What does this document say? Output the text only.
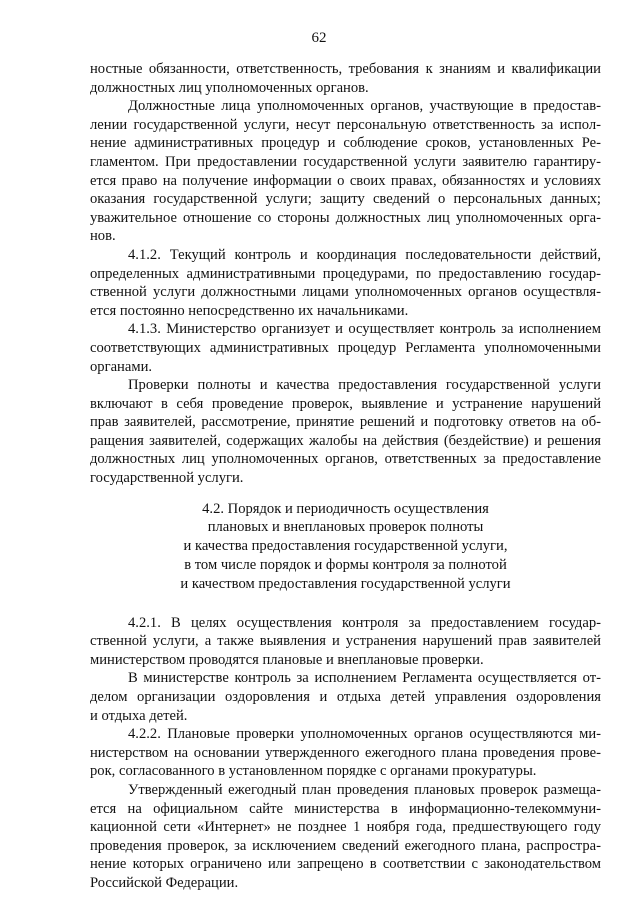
62
ностные обязанности, ответственность, требования к знаниям и квалификации
должностных лиц уполномоченных органов.
Должностные лица уполномоченных органов, участвующие в предостав-
лении государственной услуги, несут персональную ответственность за испол-
нение административных процедур и соблюдение сроков, установленных Ре-
гламентом. При предоставлении государственной услуги заявителю гарантиру-
ется право на получение информации о своих правах, обязанностях и условиях
оказания государственной услуги; защиту сведений о персональных данных;
уважительное отношение со стороны должностных лиц уполномоченных орга-
нов.
4.1.2. Текущий контроль и координация последовательности действий,
определенных административными процедурами, по предоставлению государ-
ственной услуги должностными лицами уполномоченных органов осуществля-
ется постоянно непосредственно их начальниками.
4.1.3. Министерство организует и осуществляет контроль за исполнением
соответствующих административных процедур Регламента уполномоченными
органами.
Проверки полноты и качества предоставления государственной услуги
включают в себя проведение проверок, выявление и устранение нарушений
прав заявителей, рассмотрение, принятие решений и подготовку ответов на об-
ращения заявителей, содержащих жалобы на действия (бездействие) и решения
должностных лиц уполномоченных органов, ответственных за предоставление
государственной услуги.
4.2. Порядок и периодичность осуществления
плановых и внеплановых проверок полноты
и качества предоставления государственной услуги,
в том числе порядок и формы контроля за полнотой
и качеством предоставления государственной услуги
4.2.1. В целях осуществления контроля за предоставлением государ-
ственной услуги, а также выявления и устранения нарушений прав заявителей
министерством проводятся плановые и внеплановые проверки.
В министерстве контроль за исполнением Регламента осуществляется от-
делом организации оздоровления и отдыха детей управления оздоровления
и отдыха детей.
4.2.2. Плановые проверки уполномоченных органов осуществляются ми-
нистерством на основании утвержденного ежегодного плана проведения прове-
рок, согласованного в установленном порядке с органами прокуратуры.
Утвержденный ежегодный план проведения плановых проверок размеща-
ется на официальном сайте министерства в информационно-телекоммуни-
кационной сети «Интернет» не позднее 1 ноября года, предшествующего году
проведения проверок, за исключением сведений ежегодного плана, распростра-
нение которых ограничено или запрещено в соответствии с законодательством
Российской Федерации.
